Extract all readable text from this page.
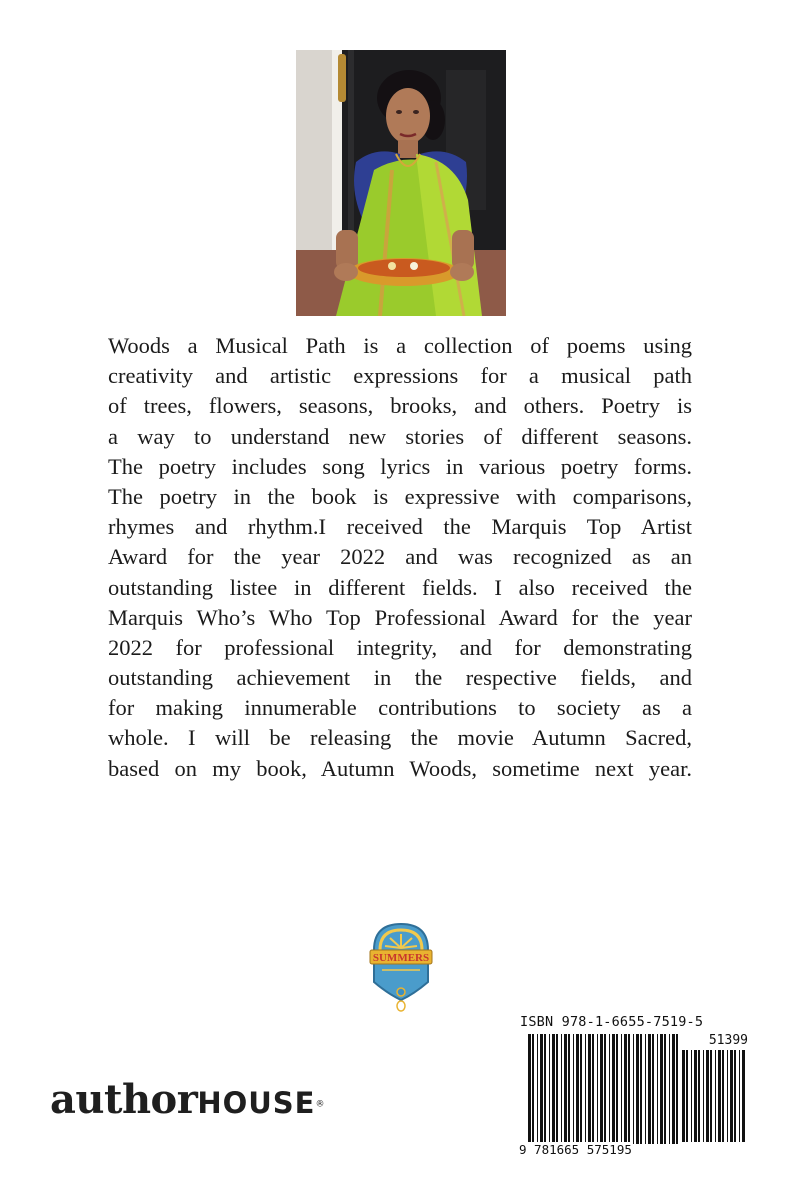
Woods a Musical Path is a collection of poems using
creativity and artistic expressions for a musical path
of trees, flowers, seasons, brooks, and others. Poetry is
a way to understand new stories of different seasons.
The poetry includes song lyrics in various poetry forms.
The poetry in the book is expressive with comparisons,
rhymes and rhythm.I received the Marquis Top Artist
Award for the year 2022 and was recognized as an
outstanding listee in different fields. I also received the
Marquis Who’s Who Top Professional Award for the year
2022 for professional integrity, and for demonstrating
outstanding achievement in the respective fields, and
for making innumerable contributions to society as a
whole. I will be releasing the movie Autumn Sacred,
based on my book, Autumn Woods, sometime next year.
SUMMERS
authorHOUSE®
ISBN 978-1-6655-7519-5
51399
9 781665 575195
